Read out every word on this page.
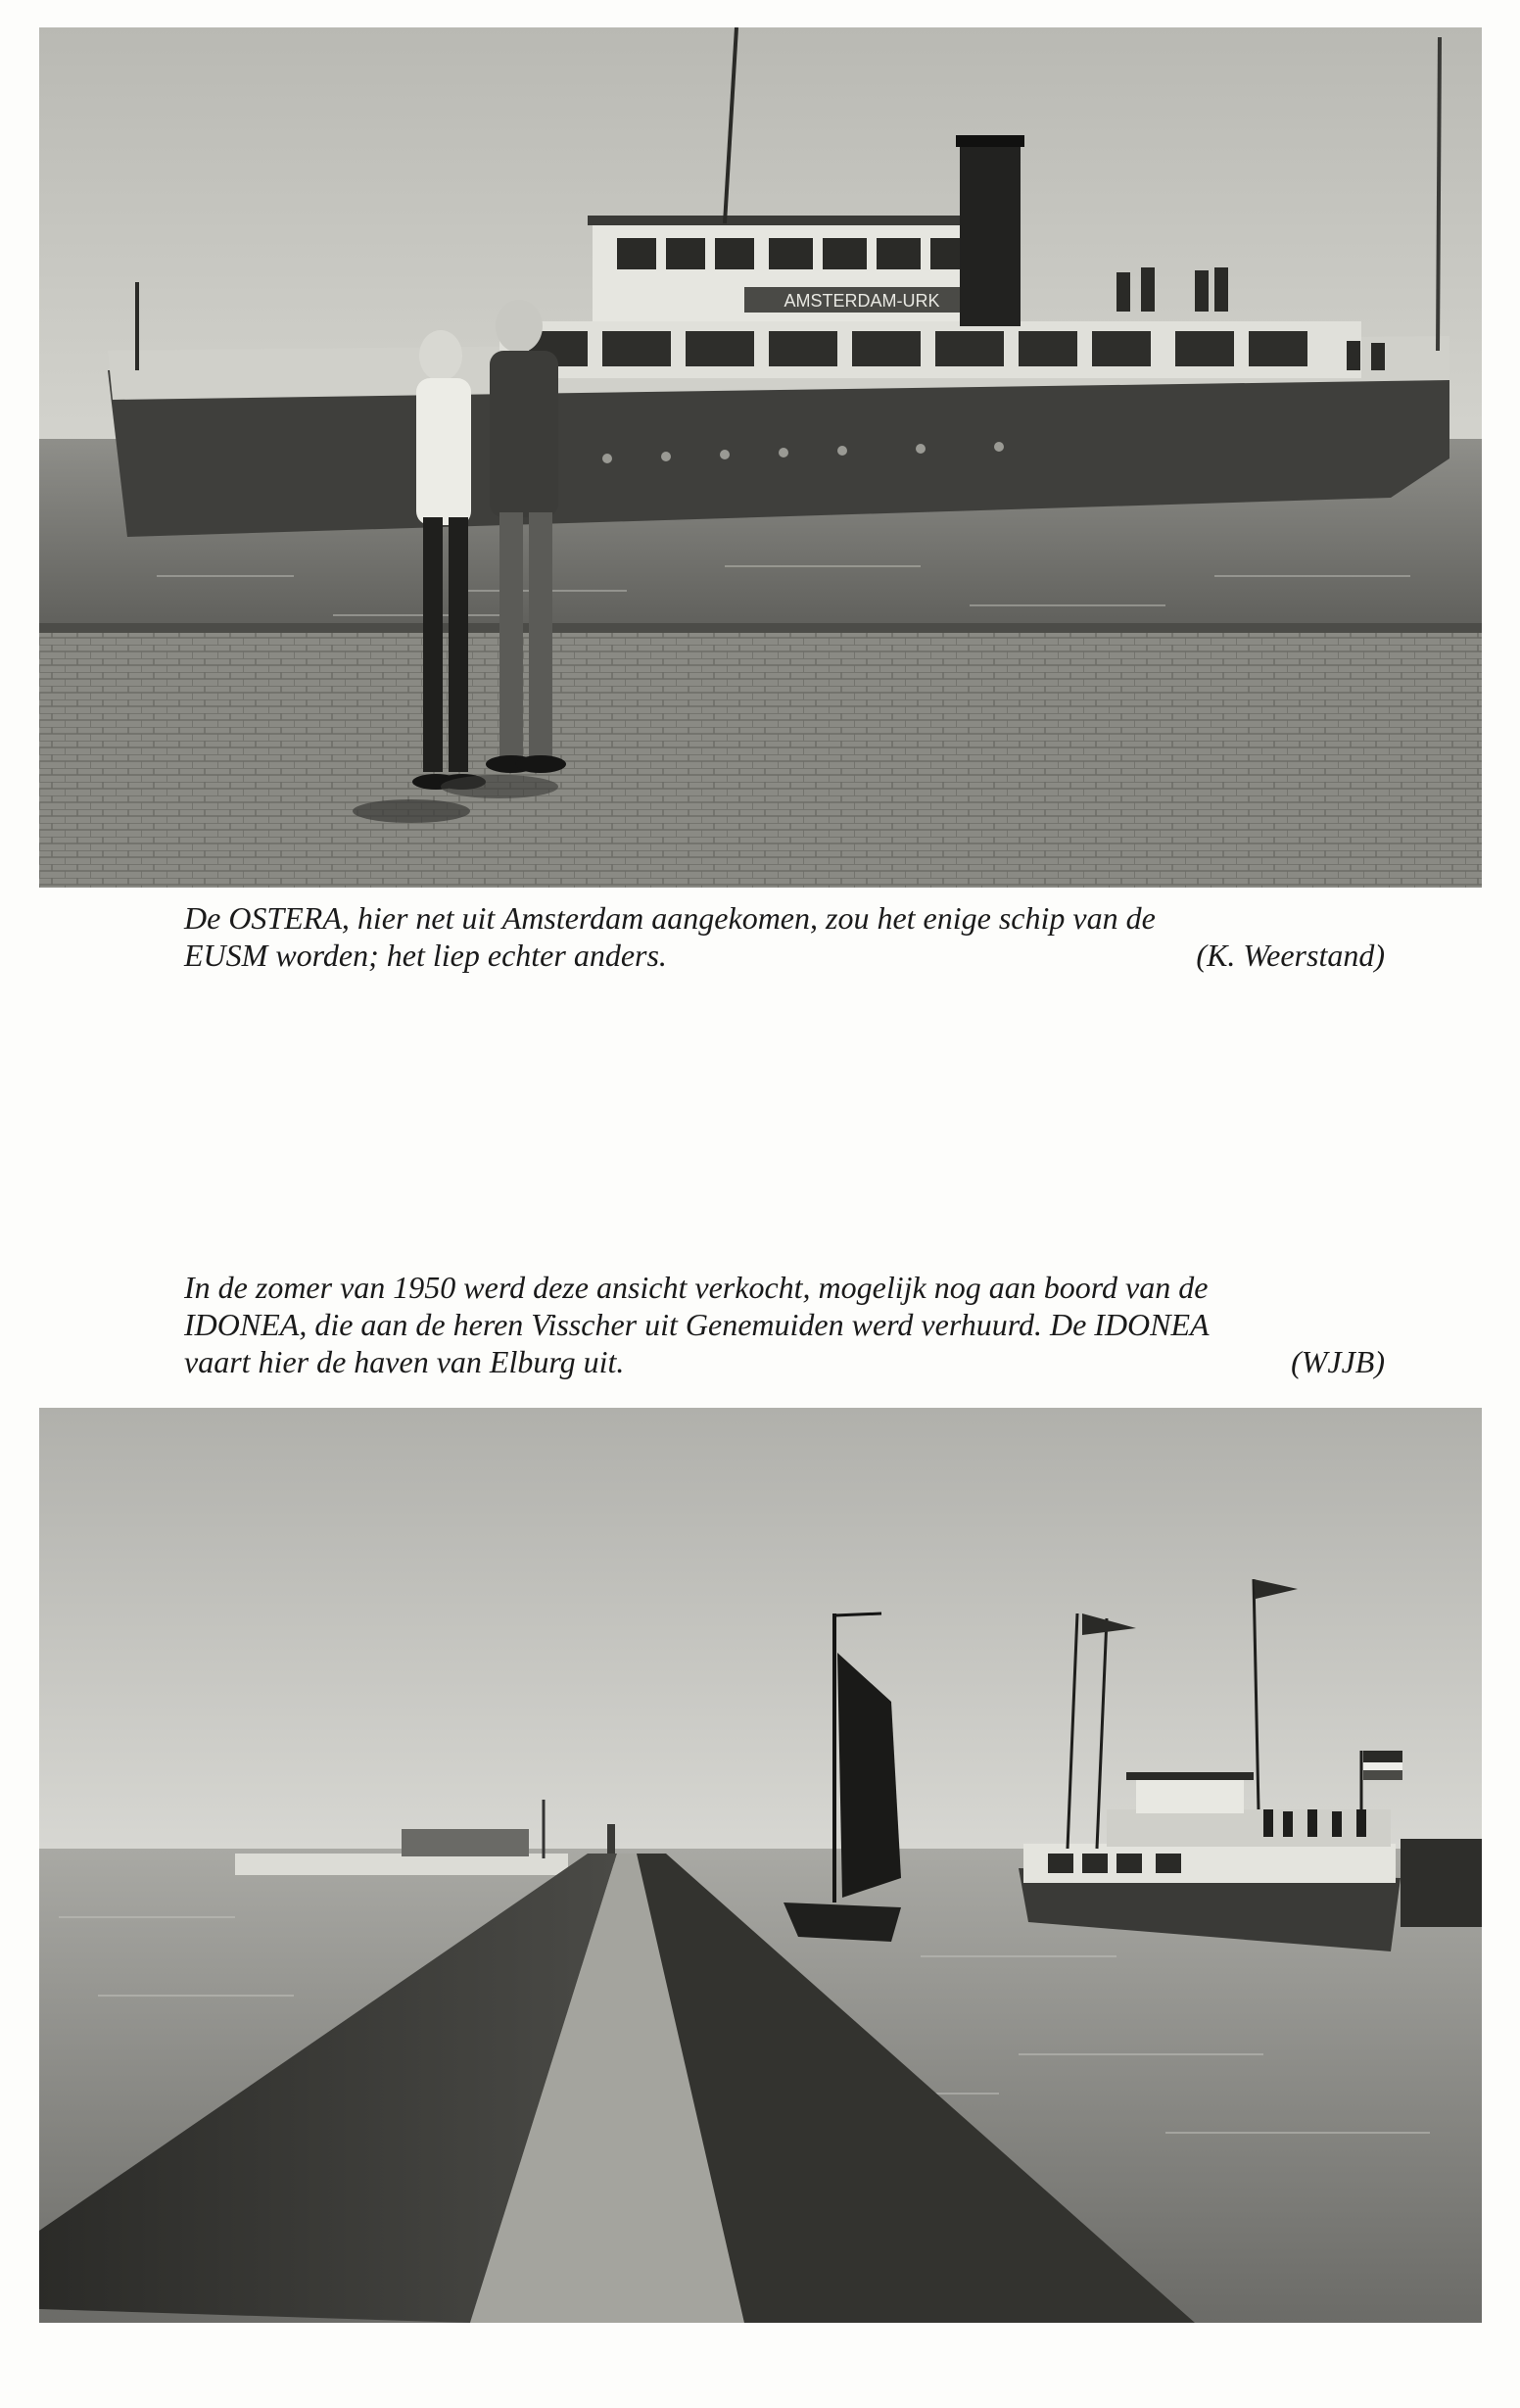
AMSTERDAM-URK
De OSTERA, hier net uit Amsterdam aangekomen, zou het enige schip van de
EUSM worden; het liep echter anders.	(K. Weerstand)
In de zomer van 1950 werd deze ansicht verkocht, mogelijk nog aan boord van de
IDONEA, die aan de heren Visscher uit Genemuiden werd verhuurd. De IDONEA
vaart hier de haven van Elburg uit.	(WJJB)
